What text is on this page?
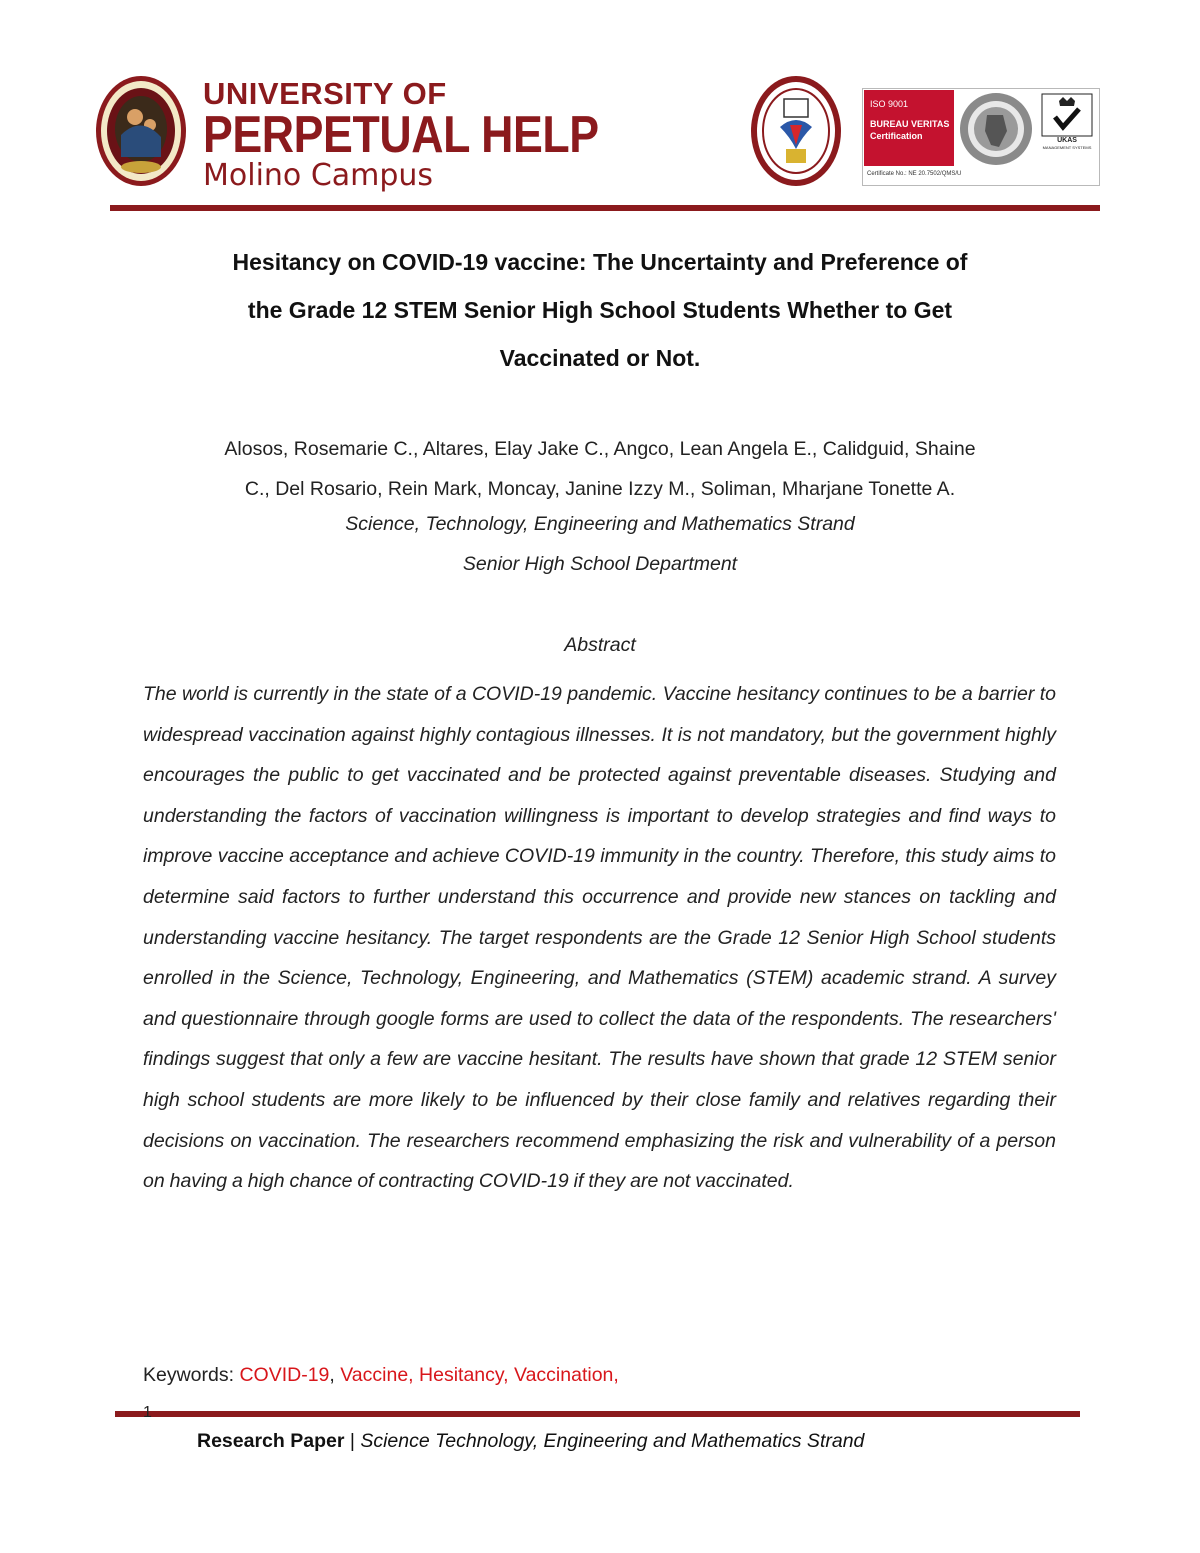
UNIVERSITY OF
PERPETUAL HELP
Molino Campus
ISO 9001
BUREAU VERITAS
Certification	UKAS
MANAGEMENT SYSTEMS
Certificate No.: NE 20.7502/QMS/U
Hesitancy on COVID-19 vaccine: The Uncertainty and Preference of
the Grade 12 STEM Senior High School Students Whether to Get
Vaccinated or Not.
Alosos, Rosemarie C., Altares, Elay Jake C., Angco, Lean Angela E., Calidguid, Shaine
C., Del Rosario, Rein Mark, Moncay, Janine Izzy M., Soliman, Mharjane Tonette A.
Science, Technology, Engineering and Mathematics Strand
Senior High School Department
Abstract
The world is currently in the state of a COVID-19 pandemic. Vaccine hesitancy continues to be a barrier to widespread vaccination against highly contagious illnesses. It is not mandatory, but the government highly encourages the public to get vaccinated and be protected against preventable diseases. Studying and understanding the factors of vaccination willingness is important to develop strategies and find ways to improve vaccine acceptance and achieve COVID-19 immunity in the country. Therefore, this study aims to determine said factors to further understand this occurrence and provide new stances on tackling and understanding vaccine hesitancy. The target respondents are the Grade 12 Senior High School students enrolled in the Science, Technology, Engineering, and Mathematics (STEM) academic strand. A survey and questionnaire through google forms are used to collect the data of the respondents. The researchers' findings suggest that only a few are vaccine hesitant. The results have shown that grade 12 STEM senior high school students are more likely to be influenced by their close family and relatives regarding their decisions on vaccination. The researchers recommend emphasizing the risk and vulnerability of a person on having a high chance of contracting COVID-19 if they are not vaccinated.
Keywords: COVID-19, Vaccine, Hesitancy, Vaccination,
1
Research Paper | Science Technology, Engineering and Mathematics Strand
